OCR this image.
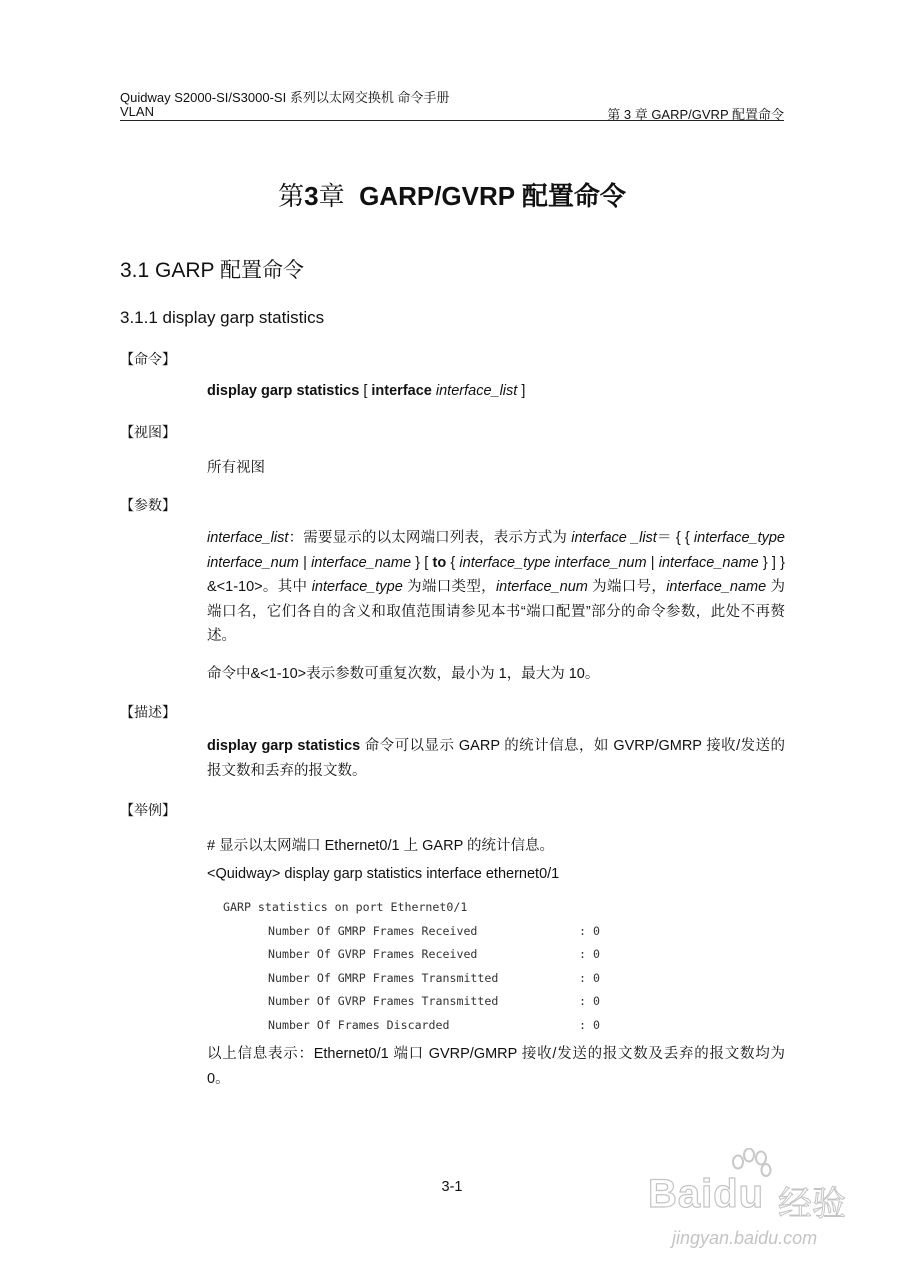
Quidway S2000-SI/S3000-SI 系列以太网交换机 命令手册
VLAN	第 3 章 GARP/GVRP 配置命令
第3章 GARP/GVRP 配置命令
3.1 GARP 配置命令
3.1.1 display garp statistics
【命令】
display garp statistics [ interface interface_list ]
【视图】
所有视图
【参数】
interface_list：需要显示的以太网端口列表，表示方式为 interface _list＝ { { interface_type interface_num | interface_name } [ to { interface_type interface_num | interface_name } ] } &<1-10>。其中 interface_type 为端口类型，interface_num 为端口号，interface_name 为端口名，它们各自的含义和取值范围请参见本书“端口配置”部分的命令参数，此处不再赘述。
命令中&<1-10>表示参数可重复次数，最小为 1，最大为 10。
【描述】
display garp statistics 命令可以显示 GARP 的统计信息，如 GVRP/GMRP 接收/发送的报文数和丢弃的报文数。
【举例】
# 显示以太网端口 Ethernet0/1 上 GARP 的统计信息。
<Quidway> display garp statistics interface ethernet0/1
GARP statistics on port Ethernet0/1
Number Of GMRP Frames Received	: 0
Number Of GVRP Frames Received	: 0
Number Of GMRP Frames Transmitted	: 0
Number Of GVRP Frames Transmitted	: 0
Number Of Frames Discarded	: 0
以上信息表示：Ethernet0/1 端口 GVRP/GMRP 接收/发送的报文数及丢弃的报文数均为 0。
3-1	Baidu 经验
jingyan.baidu.com
